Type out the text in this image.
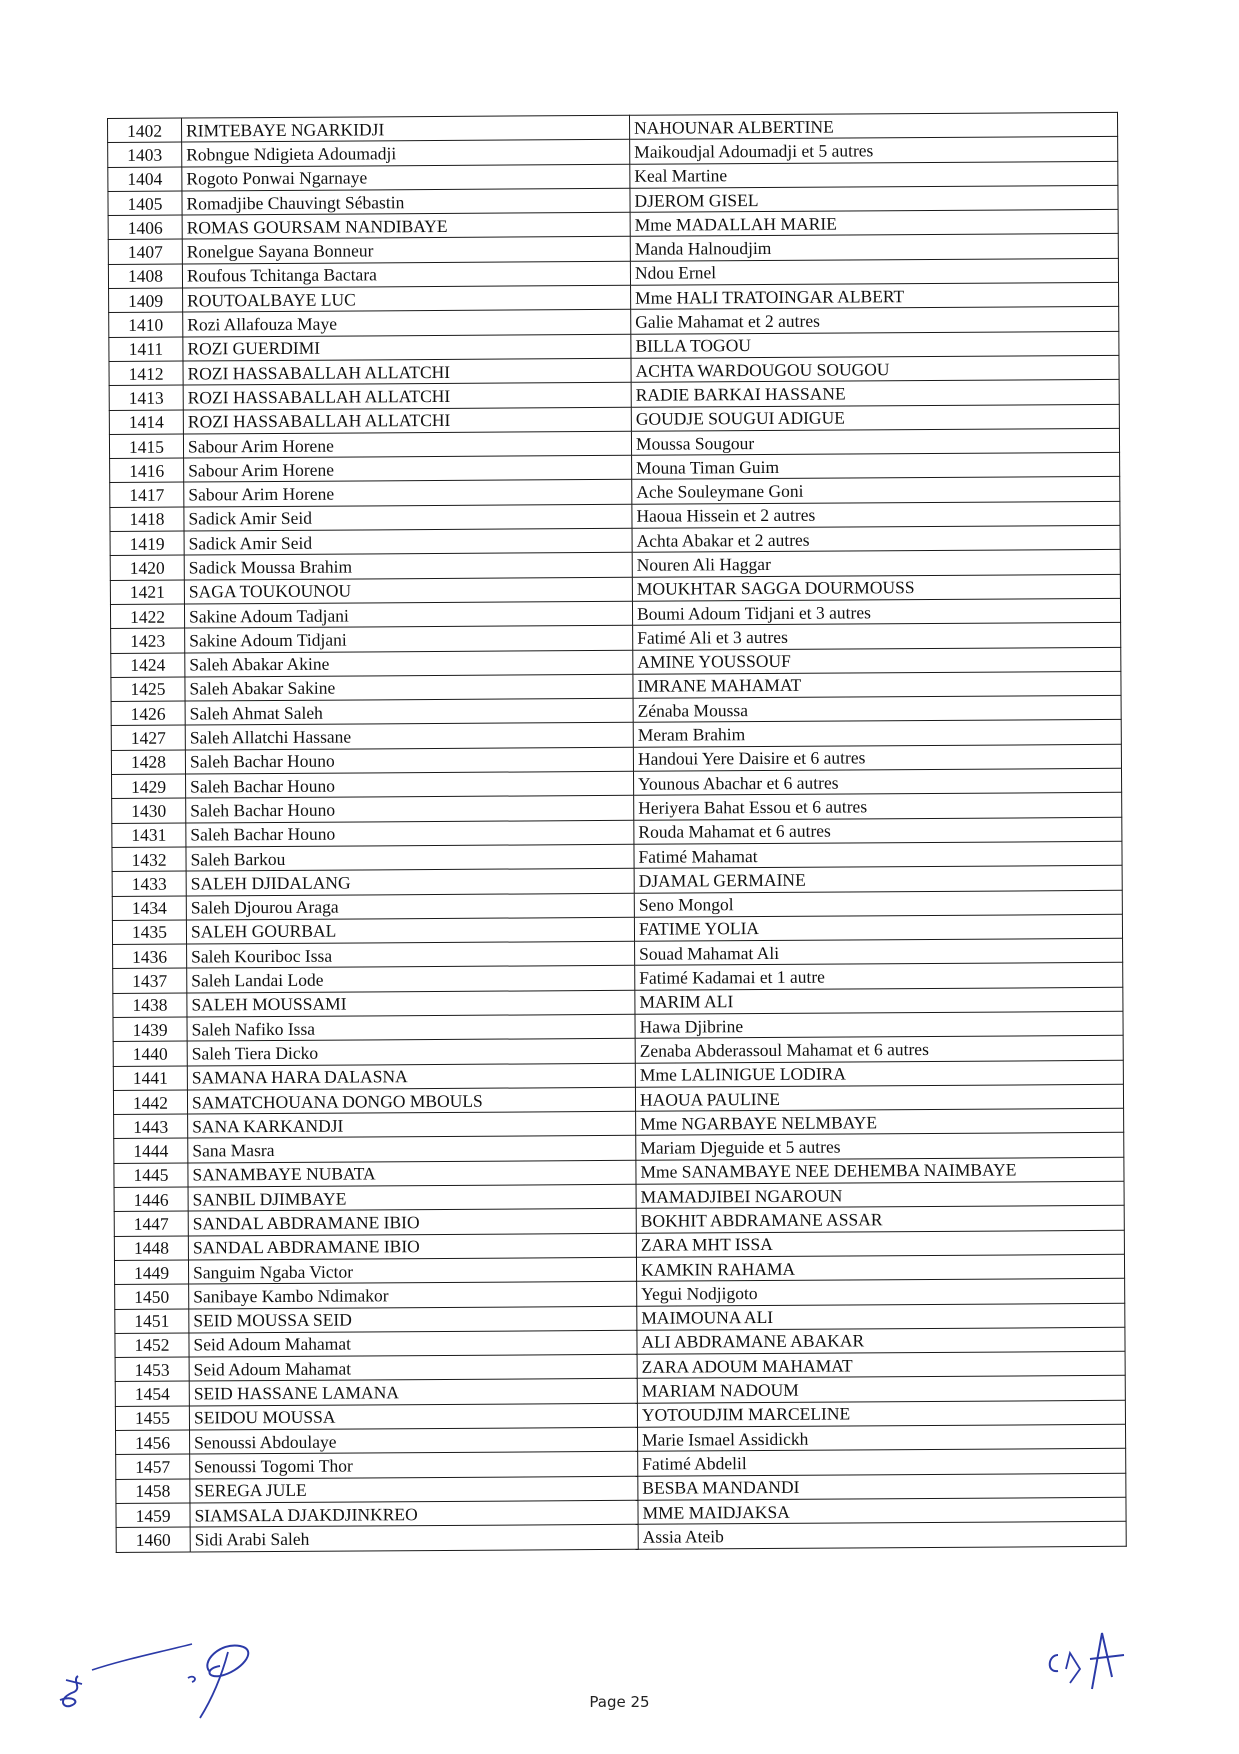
1402	RIMTEBAYE NGARKIDJI	NAHOUNAR ALBERTINE
1403	Robngue Ndigieta Adoumadji	Maikoudjal Adoumadji et 5 autres
1404	Rogoto Ponwai Ngarnaye	Keal Martine
1405	Romadjibe Chauvingt Sébastin	DJEROM GISEL
1406	ROMAS GOURSAM NANDIBAYE	Mme MADALLAH MARIE
1407	Ronelgue Sayana Bonneur	Manda Halnoudjim
1408	Roufous Tchitanga Bactara	Ndou Ernel
1409	ROUTOALBAYE LUC	Mme HALI TRATOINGAR ALBERT
1410	Rozi Allafouza Maye	Galie Mahamat et 2 autres
1411	ROZI GUERDIMI	BILLA TOGOU
1412	ROZI HASSABALLAH ALLATCHI	ACHTA WARDOUGOU SOUGOU
1413	ROZI HASSABALLAH ALLATCHI	RADIE BARKAI HASSANE
1414	ROZI HASSABALLAH ALLATCHI	GOUDJE SOUGUI ADIGUE
1415	Sabour Arim Horene	Moussa Sougour
1416	Sabour Arim Horene	Mouna Timan Guim
1417	Sabour Arim Horene	Ache Souleymane Goni
1418	Sadick Amir Seid	Haoua Hissein et 2 autres
1419	Sadick Amir Seid	Achta Abakar et 2 autres
1420	Sadick Moussa Brahim	Nouren Ali Haggar
1421	SAGA TOUKOUNOU	MOUKHTAR SAGGA DOURMOUSS
1422	Sakine Adoum Tadjani	Boumi Adoum Tidjani et 3 autres
1423	Sakine Adoum Tidjani	Fatimé Ali et 3 autres
1424	Saleh Abakar Akine	AMINE YOUSSOUF
1425	Saleh Abakar Sakine	IMRANE MAHAMAT
1426	Saleh Ahmat Saleh	Zénaba Moussa
1427	Saleh Allatchi Hassane	Meram Brahim
1428	Saleh Bachar Houno	Handoui Yere Daisire et 6 autres
1429	Saleh Bachar Houno	Younous Abachar et 6 autres
1430	Saleh Bachar Houno	Heriyera Bahat Essou et 6 autres
1431	Saleh Bachar Houno	Rouda Mahamat et 6 autres
1432	Saleh Barkou	Fatimé Mahamat
1433	SALEH DJIDALANG	DJAMAL GERMAINE
1434	Saleh Djourou Araga	Seno Mongol
1435	SALEH GOURBAL	FATIME YOLIA
1436	Saleh Kouriboc Issa	Souad Mahamat Ali
1437	Saleh Landai Lode	Fatimé Kadamai et 1 autre
1438	SALEH MOUSSAMI	MARIM ALI
1439	Saleh Nafiko Issa	Hawa Djibrine
1440	Saleh Tiera Dicko	Zenaba Abderassoul Mahamat et 6 autres
1441	SAMANA HARA DALASNA	Mme LALINIGUE LODIRA
1442	SAMATCHOUANA DONGO MBOULS	HAOUA PAULINE
1443	SANA KARKANDJI	Mme NGARBAYE NELMBAYE
1444	Sana Masra	Mariam Djeguide et 5 autres
1445	SANAMBAYE NUBATA	Mme SANAMBAYE NEE DEHEMBA NAIMBAYE
1446	SANBIL DJIMBAYE	MAMADJIBEI NGAROUN
1447	SANDAL ABDRAMANE IBIO	BOKHIT ABDRAMANE ASSAR
1448	SANDAL ABDRAMANE IBIO	ZARA MHT ISSA
1449	Sanguim Ngaba Victor	KAMKIN RAHAMA
1450	Sanibaye Kambo Ndimakor	Yegui Nodjigoto
1451	SEID MOUSSA SEID	MAIMOUNA ALI
1452	Seid Adoum Mahamat	ALI ABDRAMANE ABAKAR
1453	Seid Adoum Mahamat	ZARA ADOUM MAHAMAT
1454	SEID HASSANE LAMANA	MARIAM NADOUM
1455	SEIDOU MOUSSA	YOTOUDJIM MARCELINE
1456	Senoussi Abdoulaye	Marie Ismael Assidickh
1457	Senoussi Togomi Thor	Fatimé Abdelil
1458	SEREGA JULE	BESBA MANDANDI
1459	SIAMSALA DJAKDJINKREO	MME MAIDJAKSA
1460	Sidi Arabi Saleh	Assia Ateib
Page 25
